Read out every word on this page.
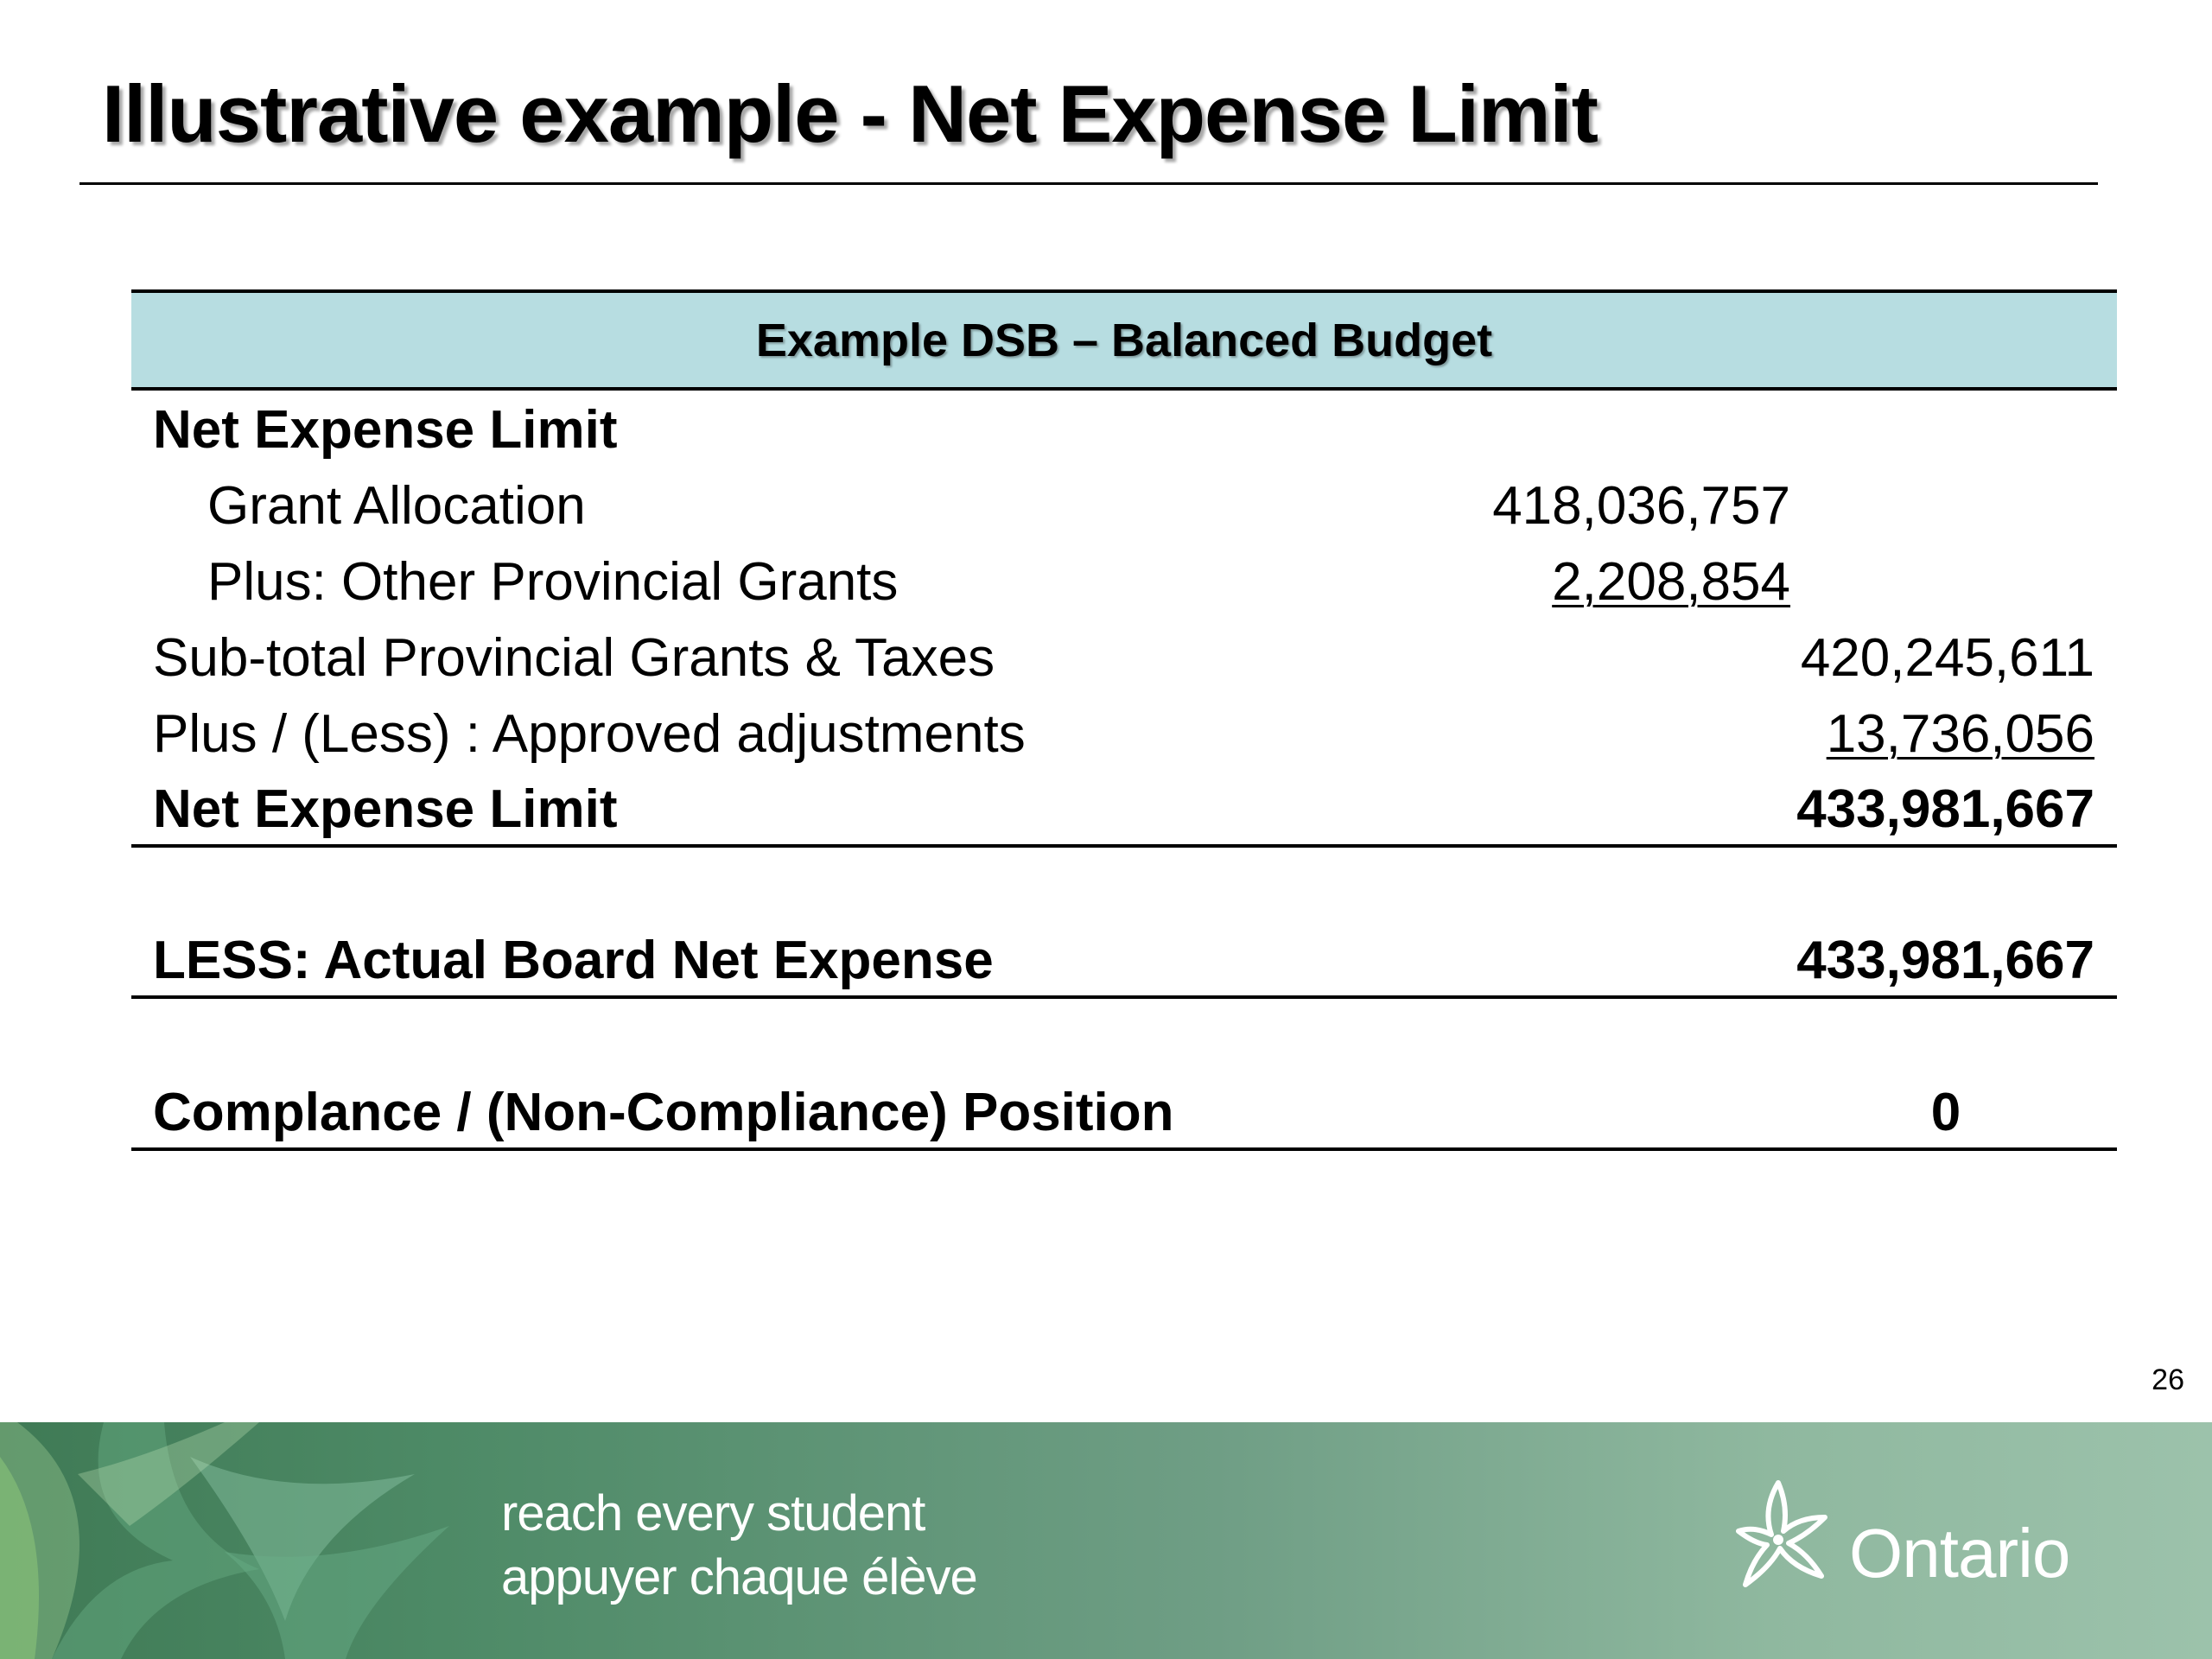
Illustrative example - Net Expense Limit
Example DSB – Balanced Budget
Net Expense Limit
Grant Allocation	418,036,757
Plus: Other Provincial Grants	2,208,854
Sub-total Provincial Grants & Taxes	420,245,611
Plus / (Less) : Approved adjustments	13,736,056
Net Expense Limit	433,981,667
LESS: Actual Board Net Expense	433,981,667
Complance / (Non-Compliance) Position	0
26
reach every student
appuyer chaque élève	Ontario
